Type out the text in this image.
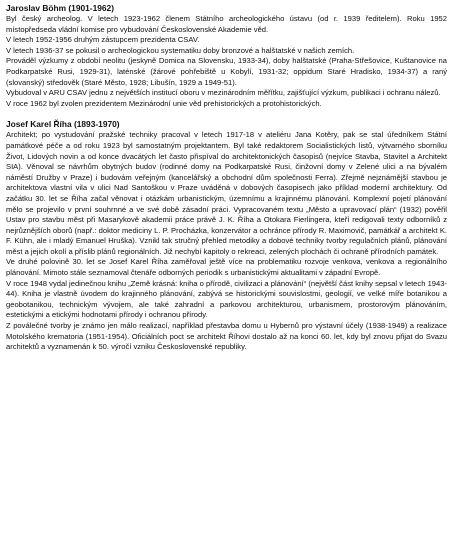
Jaroslav Böhm (1901-1962)

Byl český archeolog. V letech 1923-1962 členem Státního archeologického ústavu (od r. 1939 ředitelem). Roku 1952 místopředseda vládní komise pro vybudování Československé Akademie věd.

V letech 1952-1956 druhým zástupcem prezidenta CSAV.

V letech 1936-37 se pokusil o archeologickou systematiku doby bronzové a halštatské v našich zemích.

Prováděl výzkumy z období neolitu (jeskyně Domica na Slovensku, 1933-34), doby halštatské (Praha-Střešovice, Kuštanovice na Podkarpatské Rusi, 1929-31), laténské (žárové pohřebiště u Kobylí, 1931-32; oppidum Staré Hradisko, 1934-37) a raný (slovanský) středověk (Staré Město, 1928; Libušín, 1929 a 1949-51).

Vybudoval v ARU CSAV jednu z největších institucí oboru v mezinárodním měřítku, zajišťující výzkum, publikaci i ochranu nálezů.

V roce 1962 byl zvolen prezidentem Mezinárodní unie věd prehistorických a protohistorických.

Josef Karel Říha (1893-1970)

Architekt; po vystudování pražské techniky pracoval v letech 1917-18 v ateliéru Jana Kotěry, pak se stal úředníkem Státní památkové péče a od roku 1923 byl samostatným projektantem. Byl také redaktorem Socialistických listů, výtvarného sborníku Život, Lidových novin a od konce dvacátých let často přispíval do architektonických časopisů (nejvíce Stavba, Stavitel a Architekt SIA). Věnoval se návrhům obytných budov (rodinné domy na Podkarpatské Rusi, činžovní domy v Zelené ulici a na bývalém náměstí Družby v Praze) i budovám veřejným (kancelářský a obchodní dům společnosti Ferra). Zřejmě nejznámější stavbou je architektova vlastní vila v ulici Nad Santoškou v Praze uváděná v dobových časopisech jako příklad moderní architektury. Od začátku 30. let se Říha začal věnovat i otázkám urbanistickým, územnímu a krajinnému plánování. Komplexní pojetí plánování mělo se projevilo v první souhrnné a ve své době zásadní práci. Vypracovaném textu „Město a upravovací plán“ (1932) pověřil Ustav pro stavbu měst při Masarykově akademii práce právě J. K. Říha a Otokara Fierlingera, kteří redigovali texty odborníků z nejrůznějších oborů (např.: doktor mediciny L. P. Procházka, konzervátor a ochránce přírody R. Maximovič, památkář a architekt K. F. Kühn, ale i mladý Emanuel Hruška). Vznikl tak stručný přehled metodiky a dobové techniky tvorby regulačních plánů, plánování měst a jejich okolí a příslib plánů regionálních. Již nechybí kapitoly o rekreaci, zelených plochách či ochraně přírodních památek.

Ve druhé polovině 30. let se Josef Karel Říha zaměřoval ještě více na problematiku rozvoje venkova, venkova a regionálního plánování. Mimoto stále seznamoval čtenáře odborných periodik s urbanistickými aktualitami v západní Evropě.

V roce 1948 vydal jedinečnou knihu „Země krásná: kniha o přírodě, civilizaci a plánování“ (největší část knihy sepsal v letech 1943-44). Kniha je vlastně úvodem do krajinného plánování, zabývá se historickými souvislostmi, geologií, ve velké míře botanikou a geobotanikou, technickým vývojem, ale také zahradní a parkovou architekturou, urbanismem, prostorovým plánováním, estetickými a etickými hodnotami přírody i ochranou přírody.

Z poválečné tvorby je známo jen málo realizací, například přestavba domu u Hybernů pro výstavní účely (1938-1949) a realizace Motolského krematoria (1951-1954). Oficiálních poct se architekt Říhovi dostalo až na konci 60. let, kdy byl znovu přijat do Svazu architektů a vyznamenán k 50. výročí vzniku Československé republiky.
